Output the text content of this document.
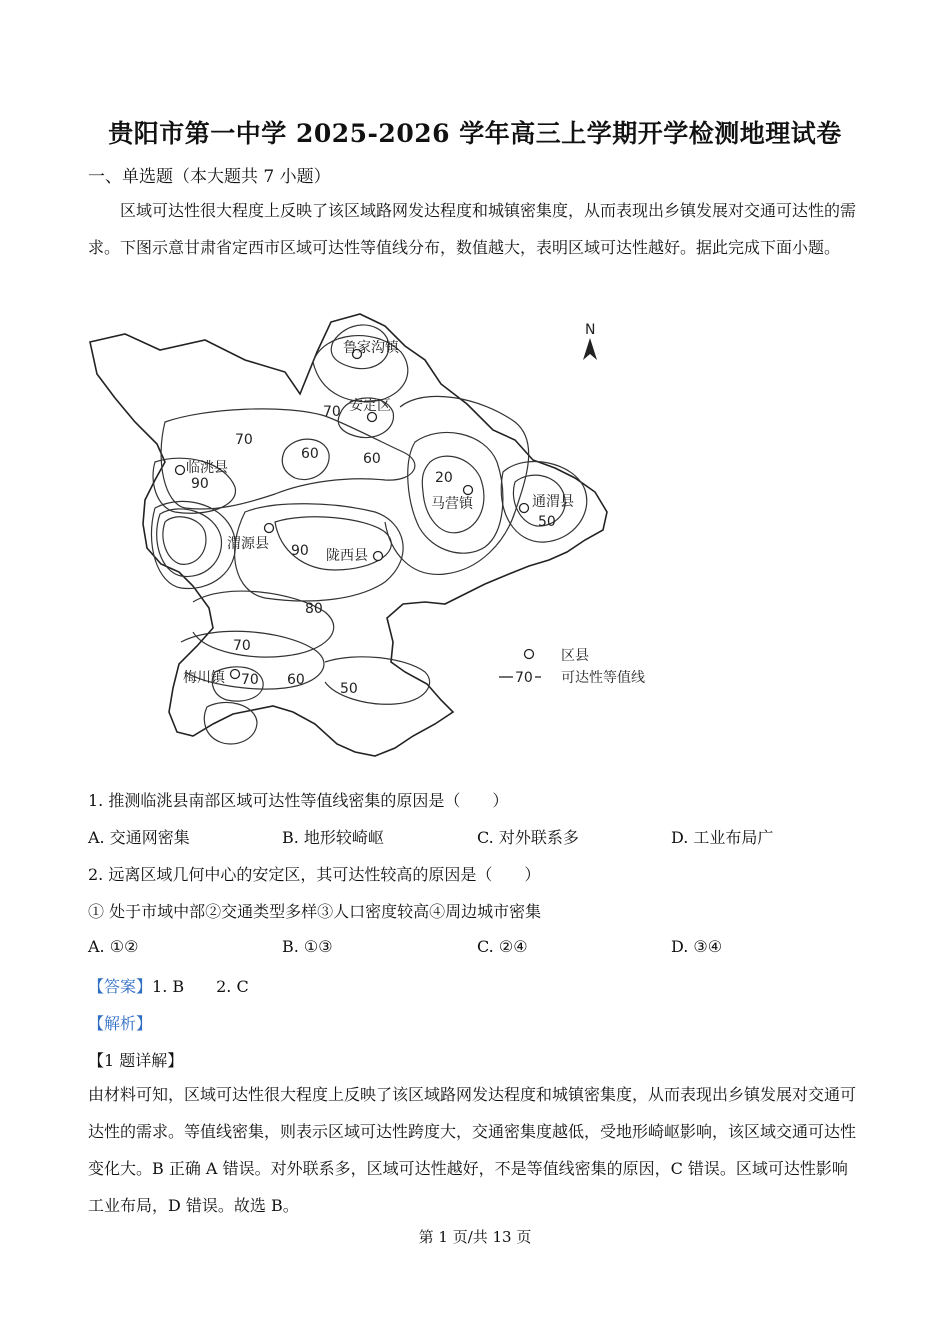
贵阳市第一中学 2025-2026 学年高三上学期开学检测地理试卷
一、单选题（本大题共 7 小题）
区域可达性很大程度上反映了该区域路网发达程度和城镇密集度，从而表现出乡镇发展对交通可达性的需求。下图示意甘肃省定西市区域可达性等值线分布，数值越大，表明区域可达性越好。据此完成下面小题。
N
鲁家沟镇
安定区
临洮县
马营镇	通渭县
渭源县
陇西县
梅川镇
70
70
60	60
90	20
50
90
80
70
70 60
50
区县
70 可达性等值线
1. 推测临洮县南部区域可达性等值线密集的原因是（　　）
A. 交通网密集	B. 地形较崎岖	C. 对外联系多	D. 工业布局广
2. 远离区域几何中心的安定区，其可达性较高的原因是（　　）
① 处于市域中部②交通类型多样③人口密度较高④周边城市密集
A. ①②	B. ①③	C. ②④	D. ③④
【答案】1. B　　2. C
【解析】
【1 题详解】
由材料可知，区域可达性很大程度上反映了该区域路网发达程度和城镇密集度，从而表现出乡镇发展对交通可达性的需求。等值线密集，则表示区域可达性跨度大，交通密集度越低，受地形崎岖影响，该区域交通可达性变化大。B 正确 A 错误。对外联系多，区域可达性越好，不是等值线密集的原因，C 错误。区域可达性影响工业布局，D 错误。故选 B。
第 1 页/共 13 页
